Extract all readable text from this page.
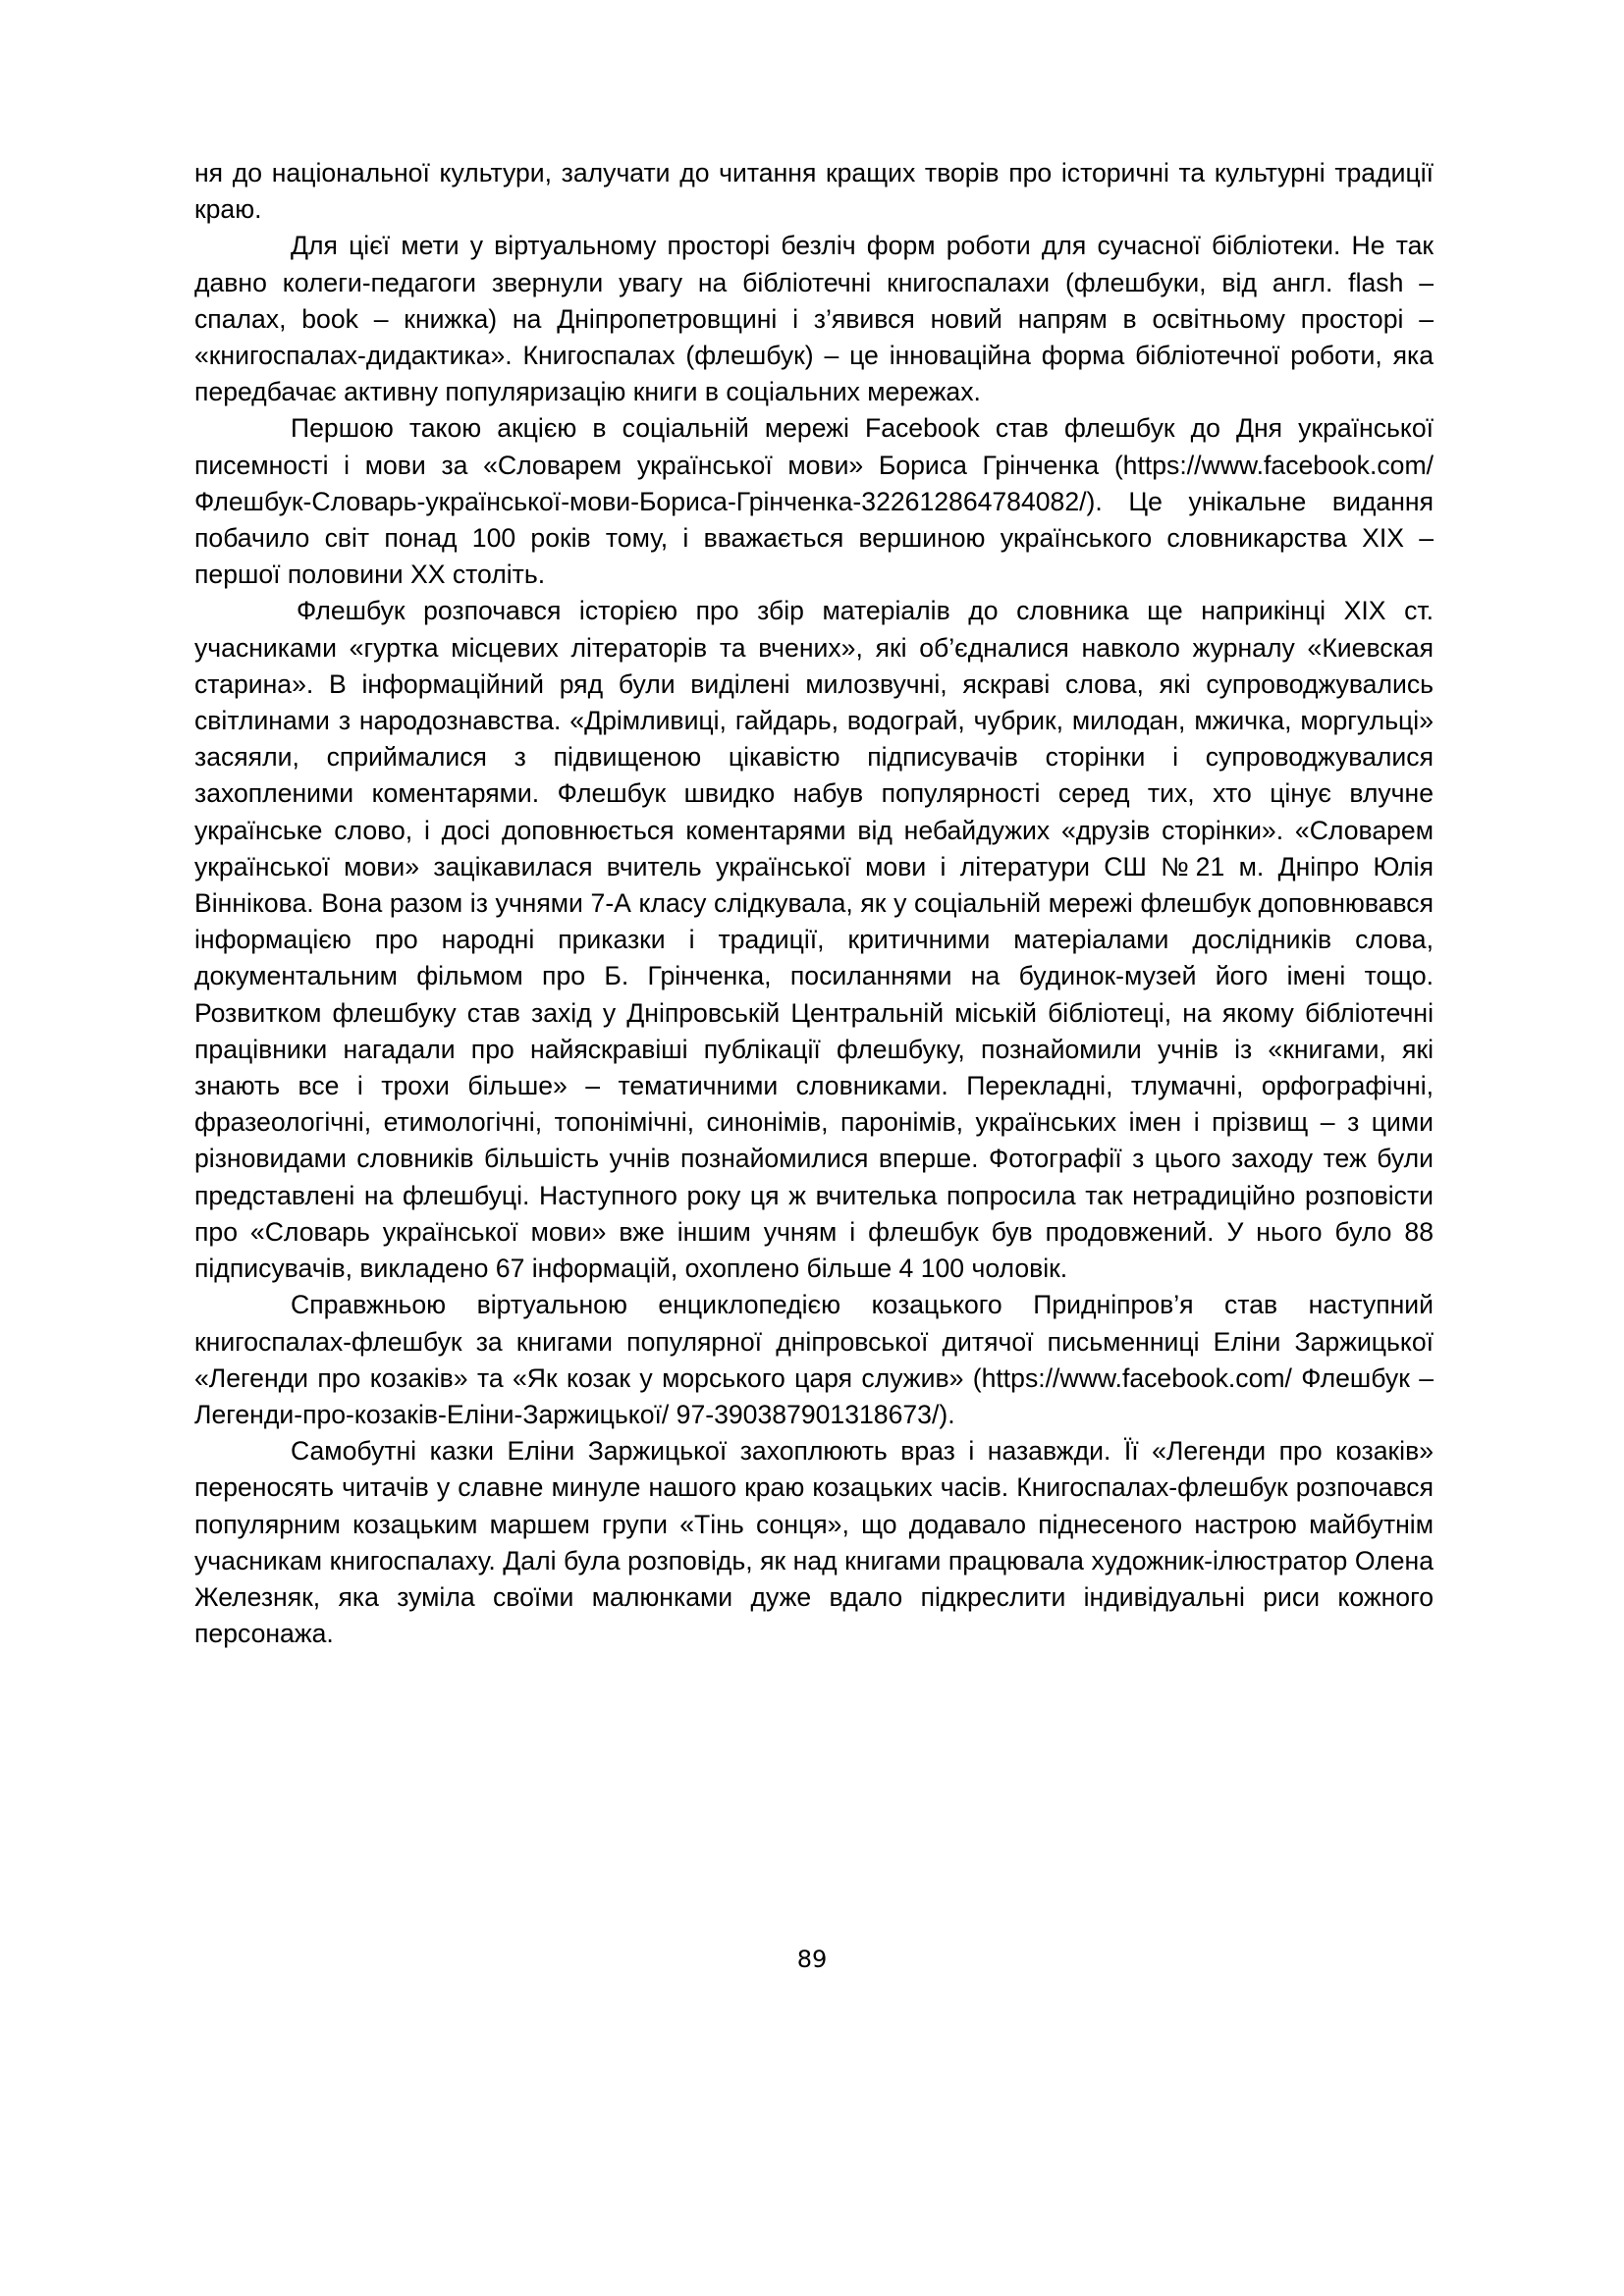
ня до національної культури, залучати до читання кращих творів про історичні та культурні традиції краю.

Для цієї мети у віртуальному просторі безліч форм роботи для сучасної бібліотеки. Не так давно колеги-педагоги звернули увагу на бібліотечні книгоспалахи (флешбуки, від англ. flash – спалах, book – книжка) на Дніпропетровщині і з’явився новий напрям в освітньому просторі – «книгоспалах-дидактика». Книгоспалах (флешбук) – це інноваційна форма бібліотечної роботи, яка передбачає активну популяризацію книги в соціальних мережах.

Першою такою акцією в соціальній мережі Facebook став флешбук до Дня української писемності і мови за «Словарем української мови» Бориса Грінченка (https://www.facebook.com/Флешбук-Словарь-української-мови-Бориса-Грінченка-322612864784082/). Це унікальне видання побачило світ понад 100 років тому, і вважається вершиною українського словникарства ХІХ – першої половини ХХ століть.

Флешбук розпочався історією про збір матеріалів до словника ще наприкінці ХІХ ст. учасниками «гуртка місцевих літераторів та вчених», які об’єдналися навколо журналу «Киевская старина». В інформаційний ряд були виділені милозвучні, яскраві слова, які супроводжувались світлинами з народознавства. «Дрімливиці, гайдарь, водограй, чубрик, милодан, мжичка, моргульці» засяяли, сприймалися з підвищеною цікавістю підписувачів сторінки і супроводжувалися захопленими коментарями. Флешбук швидко набув популярності серед тих, хто цінує влучне українське слово, і досі доповнюється коментарями від небайдужих «друзів сторінки». «Словарем української мови» зацікавилася вчитель української мови і літератури СШ №21 м. Дніпро Юлія Віннікова. Вона разом із учнями 7-А класу слідкувала, як у соціальній мережі флешбук доповнювався інформацією про народні приказки і традиції, критичними матеріалами дослідників слова, документальним фільмом про Б. Грінченка, посиланнями на будинок-музей його імені тощо. Розвитком флешбуку став захід у Дніпровській Центральній міській бібліотеці, на якому бібліотечні працівники нагадали про найяскравіші публікації флешбуку, познайомили учнів із «книгами, які знають все і трохи більше» – тематичними словниками. Перекладні, тлумачні, орфографічні, фразеологічні, етимологічні, топонімічні, синонімів, паронімів, українських імен і прізвищ – з цими різновидами словників більшість учнів познайомилися вперше. Фотографії з цього заходу теж були представлені на флешбуці. Наступного року ця ж вчителька попросила так нетрадиційно розповісти про «Словарь української мови» вже іншим учням і флешбук був продовжений. У нього було 88 підписувачів, викладено 67 інформацій, охоплено більше 4 100 чоловік.

Справжньою віртуальною енциклопедією козацького Придніпров’я став наступний книгоспалах-флешбук за книгами популярної дніпровської дитячої письменниці Еліни Заржицької «Легенди про козаків» та «Як козак у морського царя служив» (https://www.facebook.com/ Флешбук –Легенди-про-козаків-Еліни-Заржицької/ 97-390387901318673/).

Самобутні казки Еліни Заржицької захоплюють враз і назавжди. Її «Легенди про козаків» переносять читачів у славне минуле нашого краю козацьких часів. Книгоспалах-флешбук розпочався популярним козацьким маршем групи «Тінь сонця», що додавало піднесеного настрою майбутнім учасникам книгоспалаху. Далі була розповідь, як над книгами працювала художник-ілюстратор Олена Железняк, яка зуміла своїми малюнками дуже вдало підкреслити індивідуальні риси кожного персонажа.

89
